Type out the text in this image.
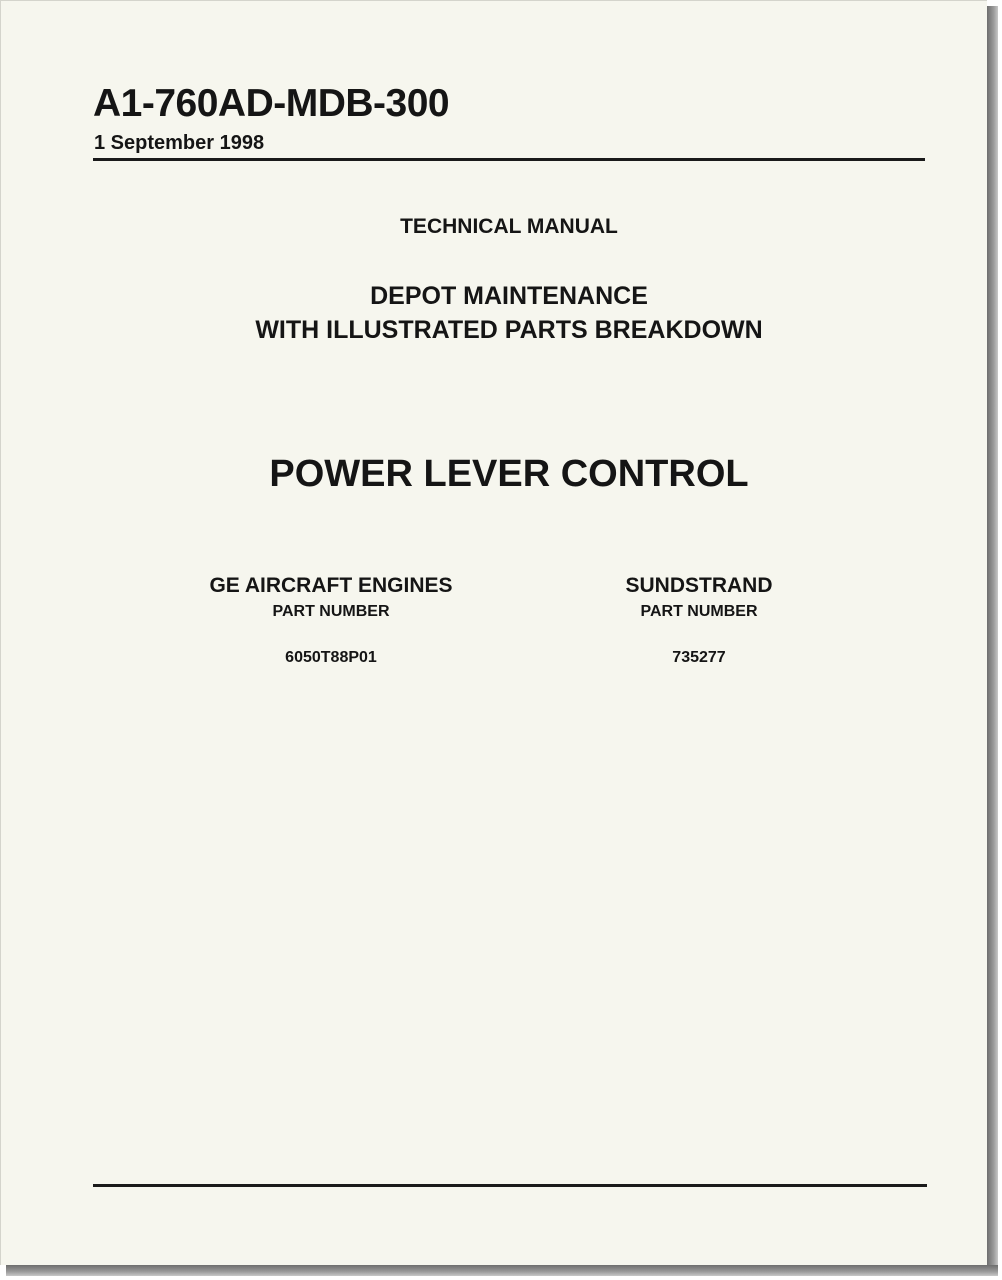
A1-760AD-MDB-300
1 September 1998
TECHNICAL MANUAL
DEPOT MAINTENANCE
WITH ILLUSTRATED PARTS BREAKDOWN
POWER LEVER CONTROL
GE AIRCRAFT ENGINES
PART NUMBER
6050T88P01
SUNDSTRAND
PART NUMBER
735277
